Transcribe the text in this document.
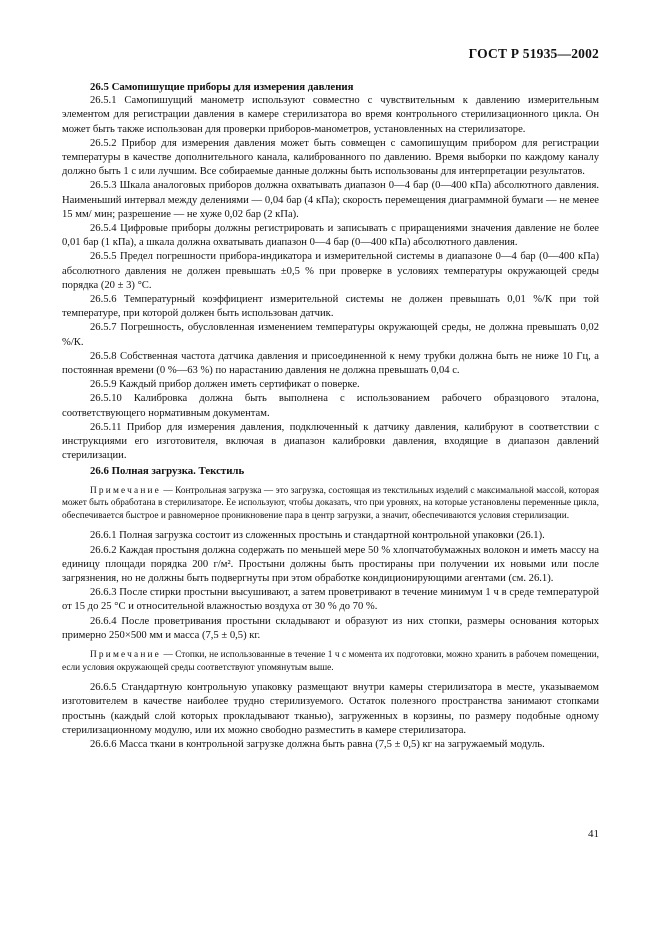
ГОСТ Р 51935—2002
26.5 Самопишущие приборы для измерения давления

26.5.1 Самопишущий манометр используют совместно с чувствительным к давлению измерительным элементом для регистрации давления в камере стерилизатора во время контрольного стерилизационного цикла. Он может быть также использован для проверки приборов-манометров, установленных на стерилизаторе.

26.5.2 Прибор для измерения давления может быть совмещен с самопишущим прибором для регистрации температуры в качестве дополнительного канала, калиброванного по давлению. Время выборки по каждому каналу должно быть 1 с или лучшим. Все собираемые данные должны быть использованы для интерпретации результатов.

26.5.3 Шкала аналоговых приборов должна охватывать диапазон 0—4 бар (0—400 кПа) абсолютного давления. Наименьший интервал между делениями — 0,04 бар (4 кПа); скорость перемещения диаграммной бумаги — не менее 15 мм/ мин; разрешение — не хуже 0,02 бар (2 кПа).

26.5.4 Цифровые приборы должны регистрировать и записывать с приращениями значения давление не более 0,01 бар (1 кПа), а шкала должна охватывать диапазон 0—4 бар (0—400 кПа) абсолютного давления.

26.5.5 Предел погрешности прибора-индикатора и измерительной системы в диапазоне 0—4 бар (0—400 кПа) абсолютного давления не должен превышать ±0,5 % при проверке в условиях температуры окружающей среды порядка (20 ± 3) °С.

26.5.6 Температурный коэффициент измерительной системы не должен превышать 0,01 %/К при той температуре, при которой должен быть использован датчик.

26.5.7 Погрешность, обусловленная изменением температуры окружающей среды, не должна превышать 0,02 %/К.

26.5.8 Собственная частота датчика давления и присоединенной к нему трубки должна быть не ниже 10 Гц, а постоянная времени (0 %—63 %) по нарастанию давления не должна превышать 0,04 с.

26.5.9 Каждый прибор должен иметь сертификат о поверке.

26.5.10 Калибровка должна быть выполнена с использованием рабочего образцового эталона, соответствующего нормативным документам.

26.5.11 Прибор для измерения давления, подключенный к датчику давления, калибруют в соответствии с инструкциями его изготовителя, включая в диапазон калибровки давления, входящие в диапазон давлений стерилизации.

26.6 Полная загрузка. Текстиль

Примечание — Контрольная загрузка — это загрузка, состоящая из текстильных изделий с максимальной массой, которая может быть обработана в стерилизаторе. Ее используют, чтобы доказать, что при уровнях, на которые установлены переменные цикла, обеспечивается быстрое и равномерное проникновение пара в центр загрузки, а значит, обеспечиваются условия стерилизации.

26.6.1 Полная загрузка состоит из сложенных простынь и стандартной контрольной упаковки (26.1).

26.6.2 Каждая простыня должна содержать по меньшей мере 50 % хлопчатобумажных волокон и иметь массу на единицу площади порядка 200 г/м². Простыни должны быть простираны при получении их новыми или после загрязнения, но не должны быть подвергнуты при этом обработке кондиционирующими агентами (см. 26.1).

26.6.3 После стирки простыни высушивают, а затем проветривают в течение минимум 1 ч в среде температурой от 15 до 25 °С и относительной влажностью воздуха от 30 % до 70 %.

26.6.4 После проветривания простыни складывают и образуют из них стопки, размеры основания которых примерно 250×500 мм и масса (7,5 ± 0,5) кг.

Примечание — Стопки, не использованные в течение 1 ч с момента их подготовки, можно хранить в рабочем помещении, если условия окружающей среды соответствуют упомянутым выше.

26.6.5 Стандартную контрольную упаковку размещают внутри камеры стерилизатора в месте, указываемом изготовителем в качестве наиболее трудно стерилизуемого. Остаток полезного пространства занимают стопками простынь (каждый слой которых прокладывают тканью), загруженных в корзины, по размеру подобные одному стерилизационному модулю, или их можно свободно разместить в камере стерилизатора.

26.6.6 Масса ткани в контрольной загрузке должна быть равна (7,5 ± 0,5) кг на загружаемый модуль.

41
